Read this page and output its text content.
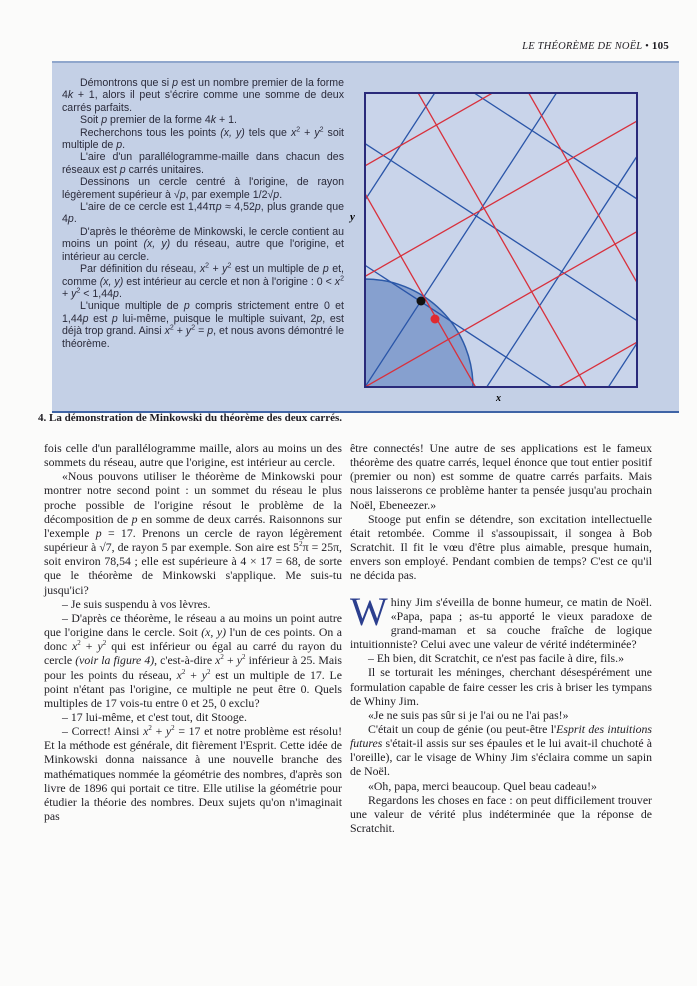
LE THÉORÈME DE NOËL • 105

Démontrons que si p est un nombre premier de la forme 4k + 1, alors il peut s'écrire comme une somme de deux carrés parfaits.

Soit p premier de la forme 4k + 1.

Recherchons tous les points (x, y) tels que $x^2 + y^2$ soit multiple de p.

L'aire d'un parallélogramme-maille dans chacun des réseaux est p carrés unitaires.

Dessinons un cercle centré à l'origine, de rayon légèrement supérieur à √p, par exemple 1/2√p.

L'aire de ce cercle est 1,44πp ≈ 4,52p, plus grande que 4p.

D'après le théorème de Minkowski, le cercle contient au moins un point (x, y) du réseau, autre que l'origine, et intérieur au cercle.

Par définition du réseau, $x^2 + y^2$ est un multiple de p et, comme (x, y) est intérieur au cercle et non à l'origine : $0 < x^2 + y^2 < 1,44p$.

L'unique multiple de p compris strictement entre 0 et 1,44p est p lui-même, puisque le multiple suivant, 2p, est déjà trop grand. Ainsi $x^2 + y^2 = p$, et nous avons démontré le théorème.

y
x
4. La démonstration de Minkowski du théorème des deux carrés.

fois celle d'un parallélogramme maille, alors au moins un des sommets du réseau, autre que l'origine, est intérieur au cercle.

«Nous pouvons utiliser le théorème de Minkowski pour montrer notre second point : un sommet du réseau le plus proche possible de l'origine résout le problème de la décomposition de p en somme de deux carrés. Raisonnons sur l'exemple p = 17. Prenons un cercle de rayon légèrement supérieur à √7, de rayon 5 par exemple. Son aire est $5^2\pi = 25\pi$, soit environ 78,54 ; elle est supérieure à 4 × 17 = 68, de sorte que le théorème de Minkowski s'applique. Me suis-tu jusqu'ici?

– Je suis suspendu à vos lèvres.

– D'après ce théorème, le réseau a au moins un point autre que l'origine dans le cercle. Soit (x, y) l'un de ces points. On a donc $x^2 + y^2$ qui est inférieur ou égal au carré du rayon du cercle (voir la figure 4), c'est-à-dire $x^2 + y^2$ inférieur à 25. Mais pour les points du réseau, $x^2 + y^2$ est un multiple de 17. Le point n'étant pas l'origine, ce multiple ne peut être 0. Quels multiples de 17 vois-tu entre 0 et 25, 0 exclu?

– 17 lui-même, et c'est tout, dit Stooge.

– Correct! Ainsi $x^2 + y^2 = 17$ et notre problème est résolu! Et la méthode est générale, dit fièrement l'Esprit. Cette idée de Minkowski donna naissance à une nouvelle branche des mathématiques nommée la géométrie des nombres, d'après son livre de 1896 qui portait ce titre. Elle utilise la géométrie pour étudier la théorie des nombres. Deux sujets qu'on n'imaginait pas

être connectés! Une autre de ses applications est le fameux théorème des quatre carrés, lequel énonce que tout entier positif (premier ou non) est somme de quatre carrés parfaits. Mais nous laisserons ce problème hanter ta pensée jusqu'au prochain Noël, Ebeneezer.»

Stooge put enfin se détendre, son excitation intellectuelle était retombée. Comme il s'assoupissait, il songea à Bob Scratchit. Il fit le vœu d'être plus aimable, presque humain, envers son employé. Pendant combien de temps? C'est ce qu'il ne décida pas.

Whiny Jim s'éveilla de bonne humeur, ce matin de Noël. «Papa, papa ; as-tu apporté le vieux paradoxe de grand-maman et sa couche fraîche de logique intuitionniste? Celui avec une valeur de vérité indéterminée?

– Eh bien, dit Scratchit, ce n'est pas facile à dire, fils.»

Il se torturait les méninges, cherchant désespérément une formulation capable de faire cesser les cris à briser les tympans de Whiny Jim.

«Je ne suis pas sûr si je l'ai ou ne l'ai pas!»

C'était un coup de génie (ou peut-être l'Esprit des intuitions futures s'était-il assis sur ses épaules et le lui avait-il chuchoté à l'oreille), car le visage de Whiny Jim s'éclaira comme un sapin de Noël.

«Oh, papa, merci beaucoup. Quel beau cadeau!»

Regardons les choses en face : on peut difficilement trouver une valeur de vérité plus indéterminée que la réponse de Scratchit.
